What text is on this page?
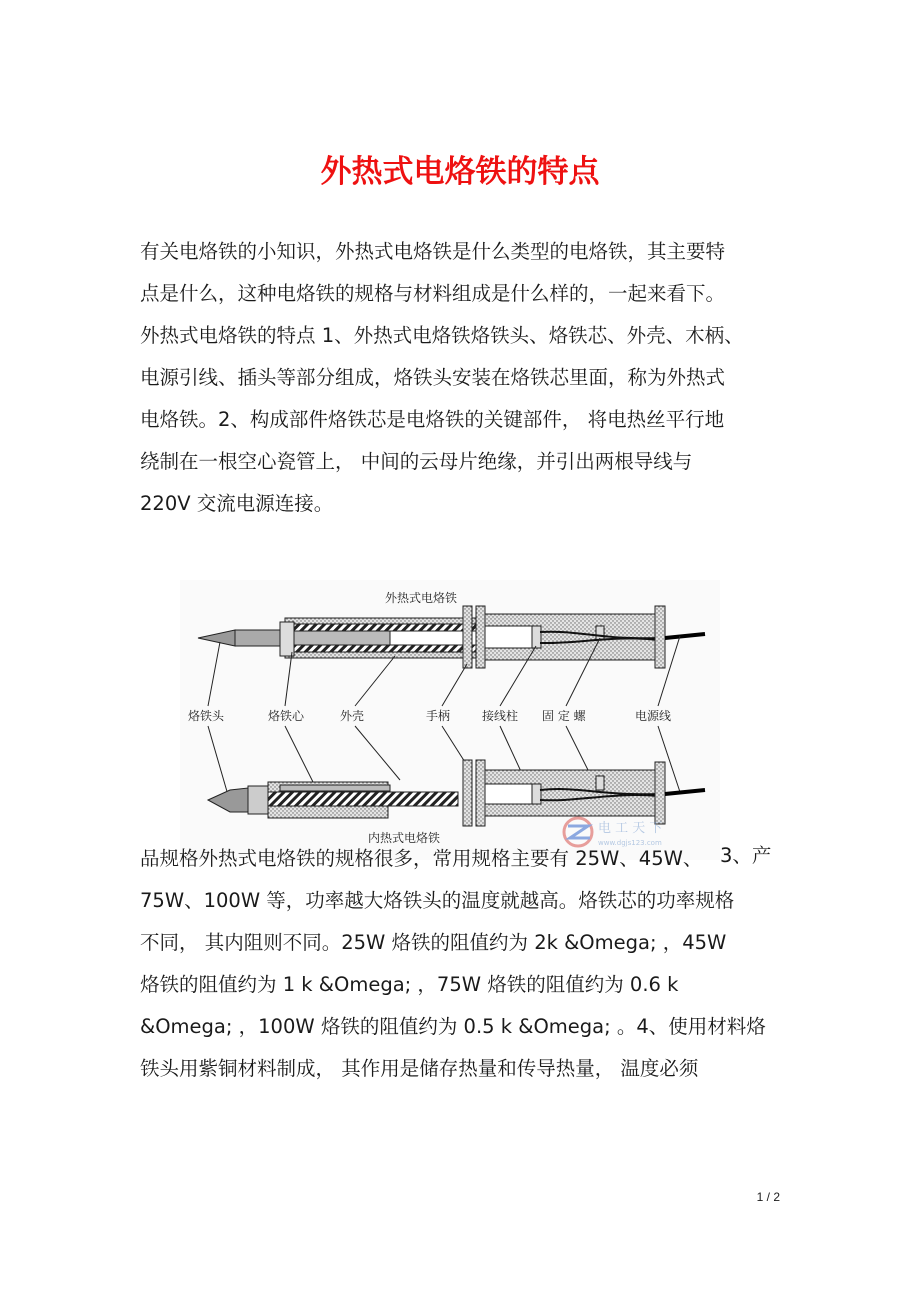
外热式电烙铁的特点
有关电烙铁的小知识，外热式电烙铁是什么类型的电烙铁，其主要特
点是什么，这种电烙铁的规格与材料组成是什么样的，一起来看下。
外热式电烙铁的特点 1、外热式电烙铁烙铁头、烙铁芯、外壳、木柄、
电源引线、插头等部分组成，烙铁头安装在烙铁芯里面，称为外热式
电烙铁。2、构成部件烙铁芯是电烙铁的关键部件， 将电热丝平行地
绕制在一根空心瓷管上， 中间的云母片绝缘，并引出两根导线与
220V 交流电源连接。
外热式电烙铁
烙铁头	烙铁心	外壳	手柄	接线柱 固 定 螺	电源线
内热式电烙铁
电 工 天 下
www.dgjs123.com
3、产
品规格外热式电烙铁的规格很多，常用规格主要有 25W、45W、
75W、100W 等，功率越大烙铁头的温度就越高。烙铁芯的功率规格
不同， 其内阻则不同。25W 烙铁的阻值约为 2k &Omega; ，45W
烙铁的阻值约为 1 k &Omega; ，75W 烙铁的阻值约为 0.6 k
&Omega; ，100W 烙铁的阻值约为 0.5 k &Omega; 。4、使用材料烙
铁头用紫铜材料制成， 其作用是储存热量和传导热量， 温度必须
1 / 2
